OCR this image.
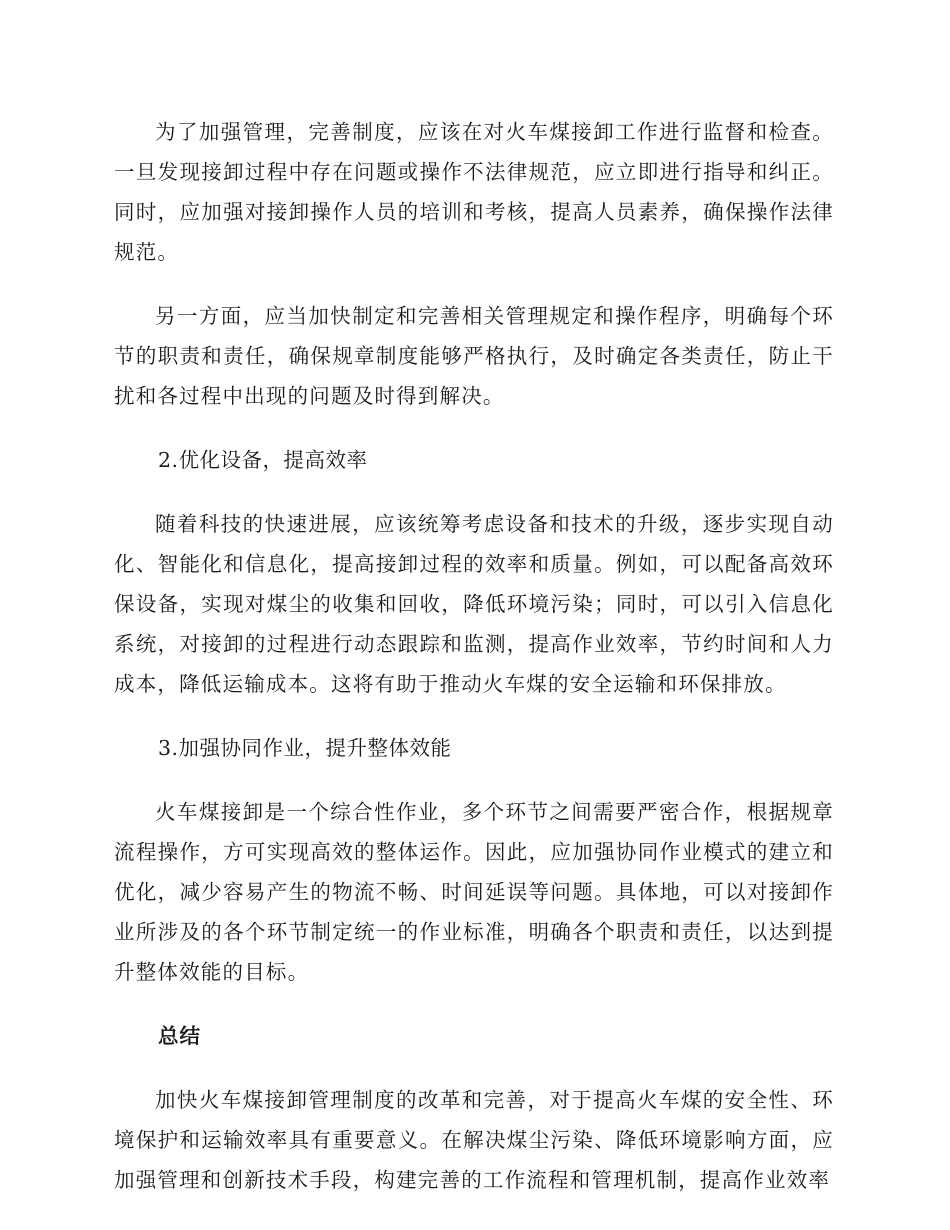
为了加强管理，完善制度，应该在对火车煤接卸工作进行监督和检查。一旦发现接卸过程中存在问题或操作不法律规范，应立即进行指导和纠正。同时，应加强对接卸操作人员的培训和考核，提高人员素养，确保操作法律规范。

另一方面，应当加快制定和完善相关管理规定和操作程序，明确每个环节的职责和责任，确保规章制度能够严格执行，及时确定各类责任，防止干扰和各过程中出现的问题及时得到解决。

2.优化设备，提高效率

随着科技的快速进展，应该统筹考虑设备和技术的升级，逐步实现自动化、智能化和信息化，提高接卸过程的效率和质量。例如，可以配备高效环保设备，实现对煤尘的收集和回收，降低环境污染；同时，可以引入信息化系统，对接卸的过程进行动态跟踪和监测，提高作业效率，节约时间和人力成本，降低运输成本。这将有助于推动火车煤的安全运输和环保排放。

3.加强协同作业，提升整体效能

火车煤接卸是一个综合性作业，多个环节之间需要严密合作，根据规章流程操作，方可实现高效的整体运作。因此，应加强协同作业模式的建立和优化，减少容易产生的物流不畅、时间延误等问题。具体地，可以对接卸作业所涉及的各个环节制定统一的作业标准，明确各个职责和责任，以达到提升整体效能的目标。

总结

加快火车煤接卸管理制度的改革和完善，对于提高火车煤的安全性、环境保护和运输效率具有重要意义。在解决煤尘污染、降低环境影响方面，应加强管理和创新技术手段，构建完善的工作流程和管理机制，提高作业效率
